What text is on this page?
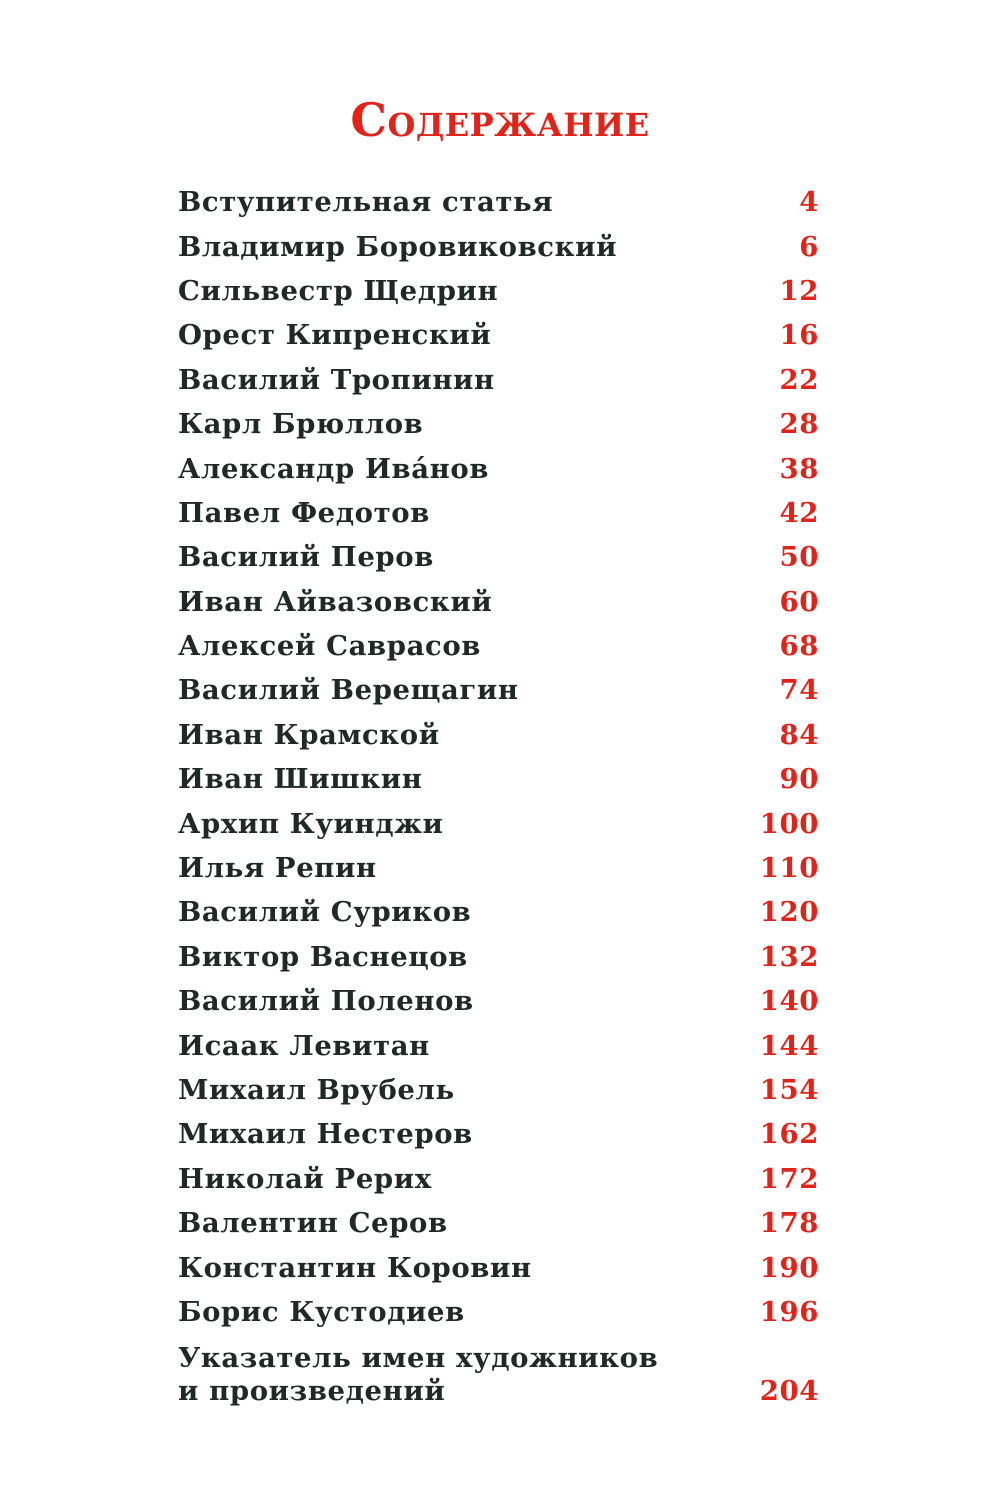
Содержание
Вступительная статья	4
Владимир Боровиковский	6
Сильвестр Щедрин	12
Орест Кипренский	16
Василий Тропинин	22
Карл Брюллов	28
Александр Ива́нов	38
Павел Федотов	42
Василий Перов	50
Иван Айвазовский	60
Алексей Саврасов	68
Василий Верещагин	74
Иван Крамской	84
Иван Шишкин	90
Архип Куинджи	100
Илья Репин	110
Василий Суриков	120
Виктор Васнецов	132
Василий Поленов	140
Исаак Левитан	144
Михаил Врубель	154
Михаил Нестеров	162
Николай Рерих	172
Валентин Серов	178
Константин Коровин	190
Борис Кустодиев	196
Указатель имен художников
и произведений	204
